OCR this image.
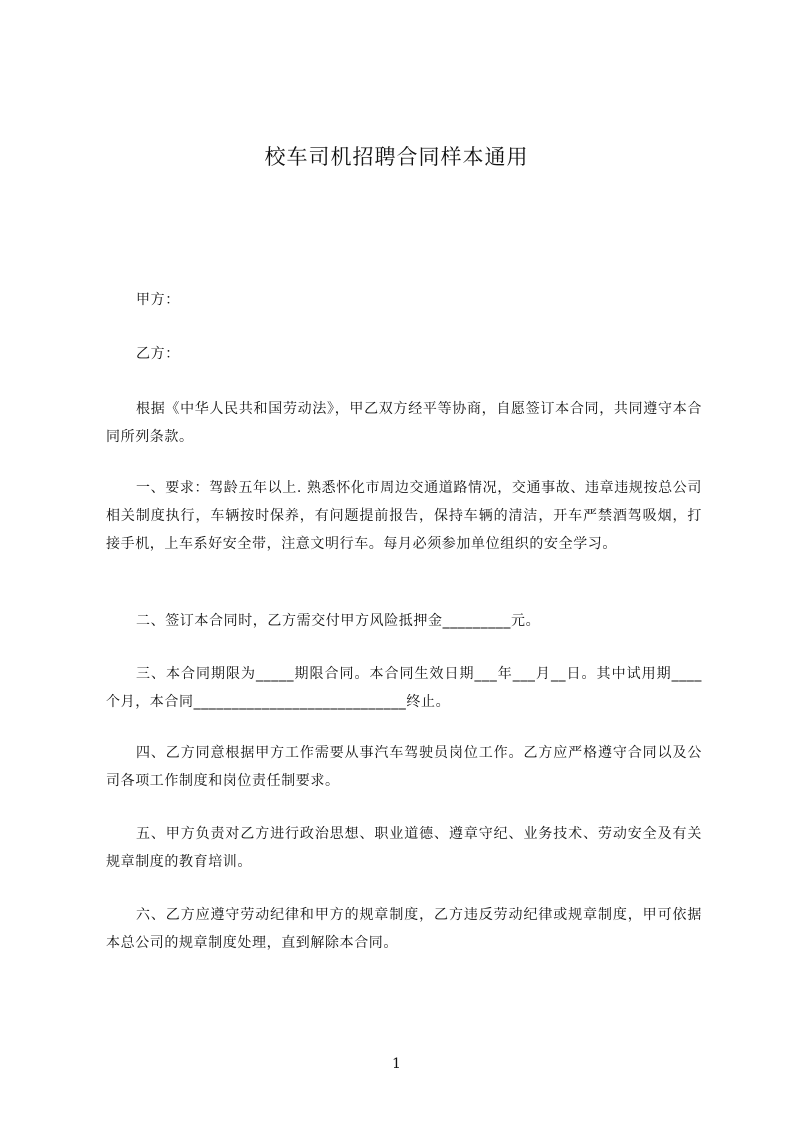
校车司机招聘合同样本通用

甲方：

乙方：

根据《中华人民共和国劳动法》，甲乙双方经平等协商，自愿签订本合同，共同遵守本合同所列条款。

一、要求：驾龄五年以上. 熟悉怀化市周边交通道路情况，交通事故、违章违规按总公司相关制度执行，车辆按时保养，有问题提前报告，保持车辆的清洁，开车严禁酒驾吸烟，打接手机，上车系好安全带，注意文明行车。每月必须参加单位组织的安全学习。

二、签订本合同时，乙方需交付甲方风险抵押金_________元。

三、本合同期限为_____期限合同。本合同生效日期___年___月__日。其中试用期____个月，本合同____________________________终止。

四、乙方同意根据甲方工作需要从事汽车驾驶员岗位工作。乙方应严格遵守合同以及公司各项工作制度和岗位责任制要求。

五、甲方负责对乙方进行政治思想、职业道德、遵章守纪、业务技术、劳动安全及有关规章制度的教育培训。

六、乙方应遵守劳动纪律和甲方的规章制度，乙方违反劳动纪律或规章制度，甲可依据本总公司的规章制度处理，直到解除本合同。

1
